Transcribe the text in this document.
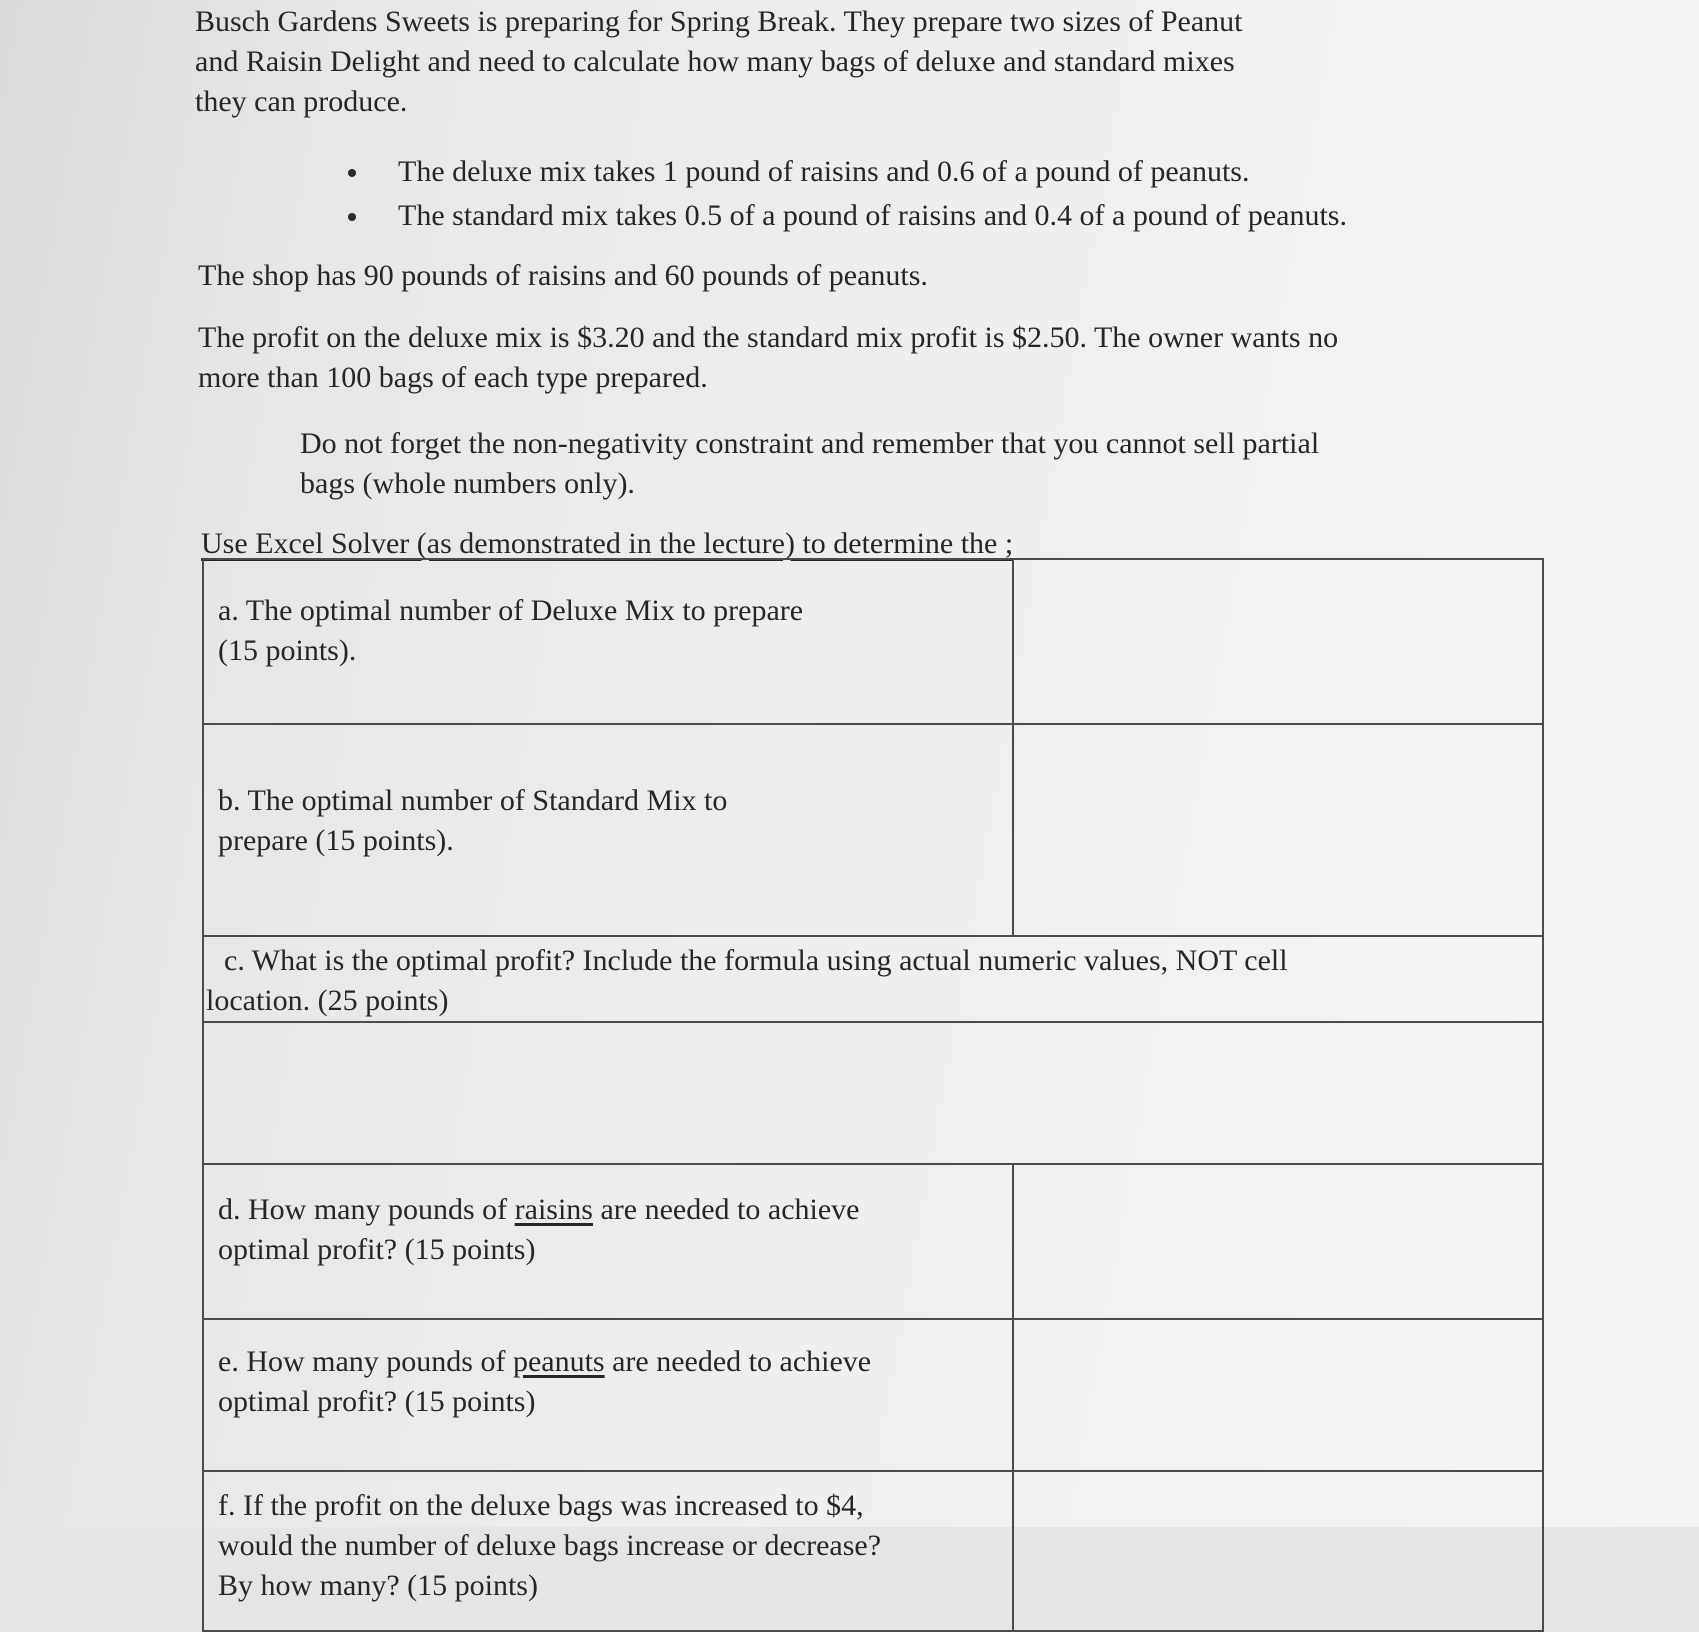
Busch Gardens Sweets is preparing for Spring Break. They prepare two sizes of Peanut
and Raisin Delight and need to calculate how many bags of deluxe and standard mixes
they can produce.

The deluxe mix takes 1 pound of raisins and 0.6 of a pound of peanuts.
The standard mix takes 0.5 of a pound of raisins and 0.4 of a pound of peanuts.

The shop has 90 pounds of raisins and 60 pounds of peanuts.

The profit on the deluxe mix is $3.20 and the standard mix profit is $2.50. The owner wants no
more than 100 bags of each type prepared.

Do not forget the non-negativity constraint and remember that you cannot sell partial
bags (whole numbers only).

Use Excel Solver (as demonstrated in the lecture) to determine the ;

a. The optimal number of Deluxe Mix to prepare
(15 points).	
b. The optimal number of Standard Mix to
prepare (15 points).	
c. What is the optimal profit? Include the formula using actual numeric values, NOT cell
location. (25 points)	

d. How many pounds of raisins are needed to achieve
optimal profit? (15 points)	
e. How many pounds of peanuts are needed to achieve
optimal profit? (15 points)	
f. If the profit on the deluxe bags was increased to $4,
would the number of deluxe bags increase or decrease?
By how many? (15 points)	
